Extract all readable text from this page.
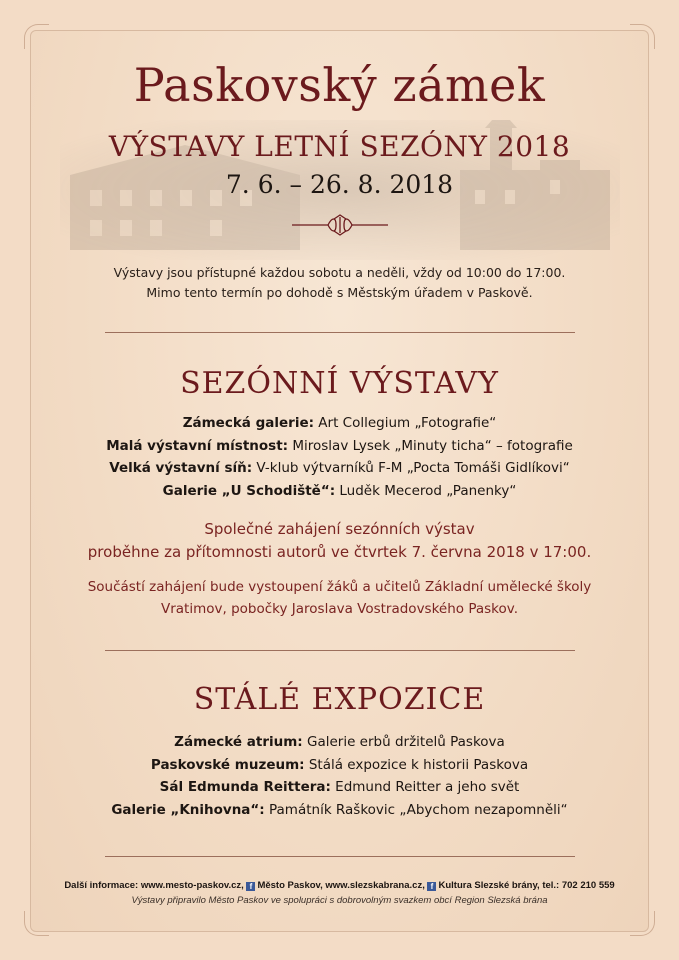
Paskovský zámek
VÝSTAVY LETNÍ SEZÓNY 2018
7. 6. – 26. 8. 2018
Výstavy jsou přístupné každou sobotu a neděli, vždy od 10:00 do 17:00.
Mimo tento termín po dohodě s Městským úřadem v Paskově.
SEZÓNNÍ VÝSTAVY
Zámecká galerie: Art Collegium „Fotografie“
Malá výstavní místnost: Miroslav Lysek „Minuty ticha“ – fotografie
Velká výstavní síň: V-klub výtvarníků F-M „Pocta Tomáši Gidlíkovi“
Galerie „U Schodiště“: Luděk Mecerod „Panenky“
Společné zahájení sezónních výstav
proběhne za přítomnosti autorů ve čtvrtek 7. června 2018 v 17:00.
Součástí zahájení bude vystoupení žáků a učitelů Základní umělecké školy
Vratimov, pobočky Jaroslava Vostradovského Paskov.
STÁLÉ EXPOZICE
Zámecké atrium: Galerie erbů držitelů Paskova
Paskovské muzeum: Stálá expozice k historii Paskova
Sál Edmunda Reittera: Edmund Reitter a jeho svět
Galerie „Knihovna“: Památník Raškovic „Abychom nezapomněli“
Další informace: www.mesto-paskov.cz, f Město Paskov, www.slezskabrana.cz, f Kultura Slezské brány, tel.: 702 210 559
Výstavy připravilo Město Paskov ve spolupráci s dobrovolným svazkem obcí Region Slezská brána
